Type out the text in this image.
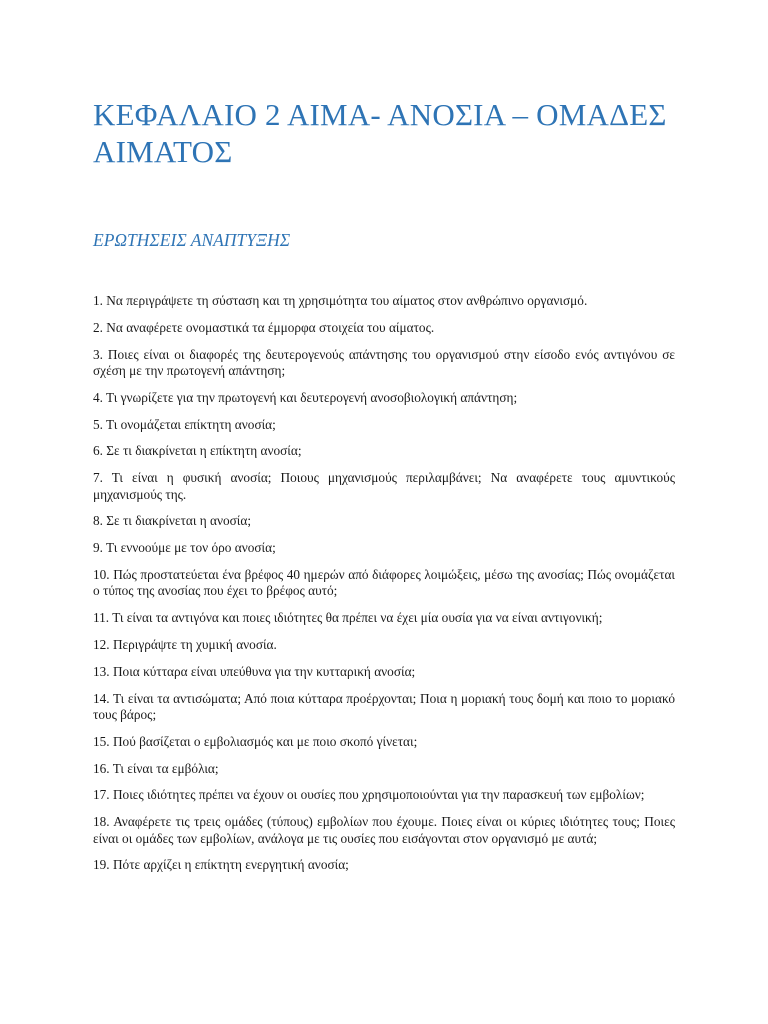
ΚΕΦΑΛΑΙΟ 2 ΑΙΜΑ- ΑΝΟΣΙΑ – ΟΜΑΔΕΣ ΑΙΜΑΤΟΣ
ΕΡΩΤΗΣΕΙΣ ΑΝΑΠΤΥΞΗΣ
1. Να περιγράψετε τη σύσταση και τη χρησιμότητα του αίματος στον ανθρώπινο οργανισμό.
2. Να αναφέρετε ονομαστικά τα έμμορφα στοιχεία του αίματος.
3. Ποιες είναι οι διαφορές της δευτερογενούς απάντησης του οργανισμού στην είσοδο ενός αντιγόνου σε σχέση με την πρωτογενή απάντηση;
4. Τι γνωρίζετε για την πρωτογενή και δευτερογενή ανοσοβιολογική απάντηση;
5. Τι ονομάζεται επίκτητη ανοσία;
6. Σε τι διακρίνεται η επίκτητη ανοσία;
7. Τι είναι η φυσική ανοσία; Ποιους μηχανισμούς περιλαμβάνει; Να αναφέρετε τους αμυντικούς μηχανισμούς της.
8. Σε τι διακρίνεται η ανοσία;
9. Τι εννοούμε με τον όρο ανοσία;
10. Πώς προστατεύεται ένα βρέφος 40 ημερών από διάφορες λοιμώξεις, μέσω της ανοσίας; Πώς ονομάζεται ο τύπος της ανοσίας που έχει το βρέφος αυτό;
11. Τι είναι τα αντιγόνα και ποιες ιδιότητες θα πρέπει να έχει μία ουσία για να είναι αντιγονική;
12. Περιγράψτε τη χυμική ανοσία.
13. Ποια κύτταρα είναι υπεύθυνα για την κυτταρική ανοσία;
14. Τι είναι τα αντισώματα; Από ποια κύτταρα προέρχονται; Ποια η μοριακή τους δομή και ποιο το μοριακό τους βάρος;
15. Πού βασίζεται ο εμβολιασμός και με ποιο σκοπό γίνεται;
16. Τι είναι τα εμβόλια;
17. Ποιες ιδιότητες πρέπει να έχουν οι ουσίες που χρησιμοποιούνται για την παρασκευή των εμβολίων;
18. Αναφέρετε τις τρεις ομάδες (τύπους) εμβολίων που έχουμε. Ποιες είναι οι κύριες ιδιότητες τους; Ποιες είναι οι ομάδες των εμβολίων, ανάλογα με τις ουσίες που εισάγονται στον οργανισμό με αυτά;
19. Πότε αρχίζει η επίκτητη ενεργητική ανοσία;
